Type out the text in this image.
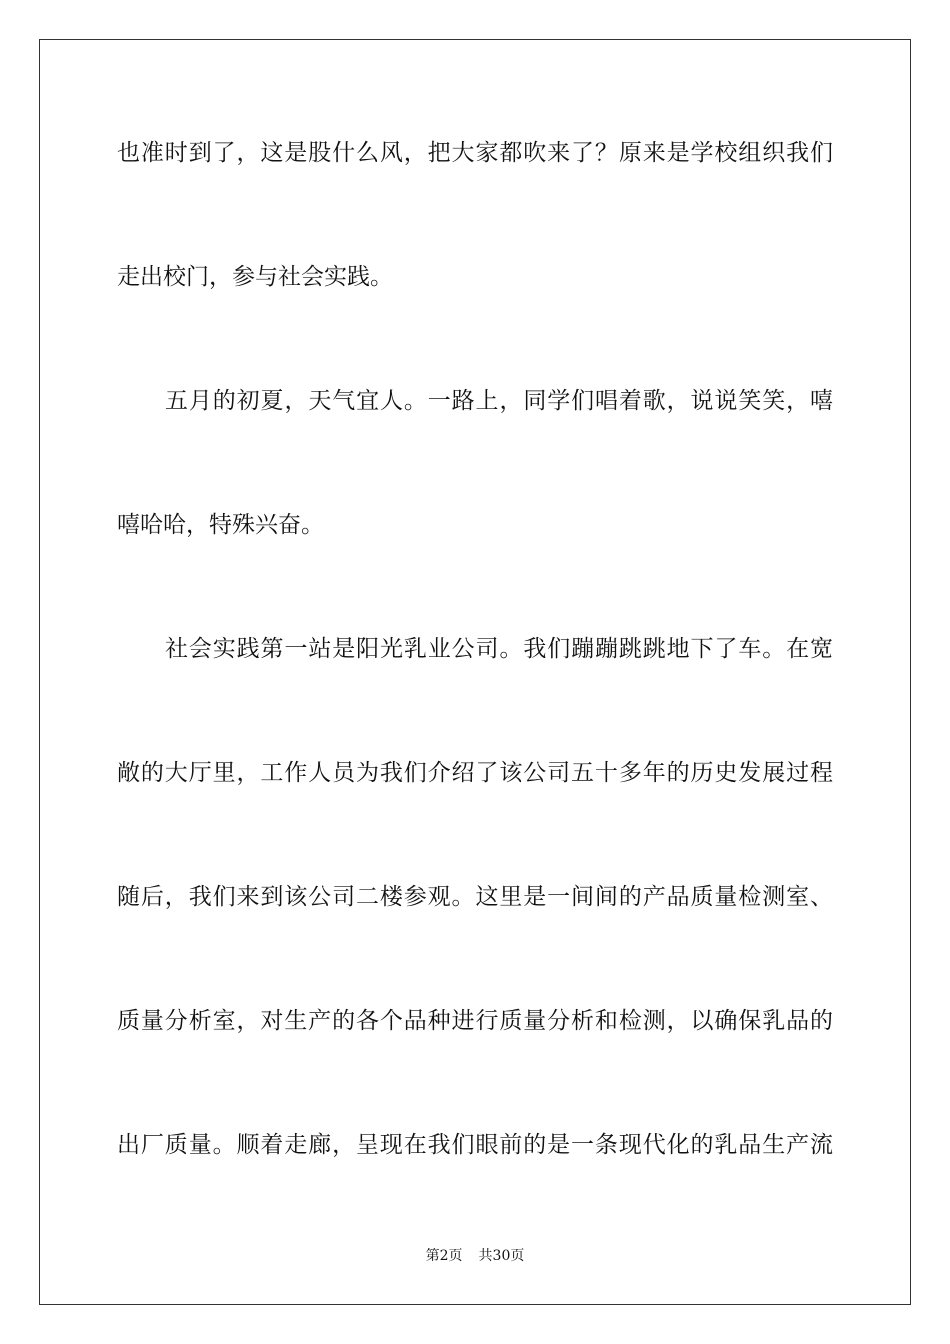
也准时到了，这是股什么风，把大家都吹来了？原来是学校组织我们
走出校门，参与社会实践。
五月的初夏，天气宜人。一路上，同学们唱着歌，说说笑笑，嘻
嘻哈哈，特殊兴奋。
社会实践第一站是阳光乳业公司。我们蹦蹦跳跳地下了车。在宽
敞的大厅里，工作人员为我们介绍了该公司五十多年的历史发展过程
随后，我们来到该公司二楼参观。这里是一间间的产品质量检测室、
质量分析室，对生产的各个品种进行质量分析和检测，以确保乳品的
出厂质量。顺着走廊，呈现在我们眼前的是一条现代化的乳品生产流
第2页 共30页
